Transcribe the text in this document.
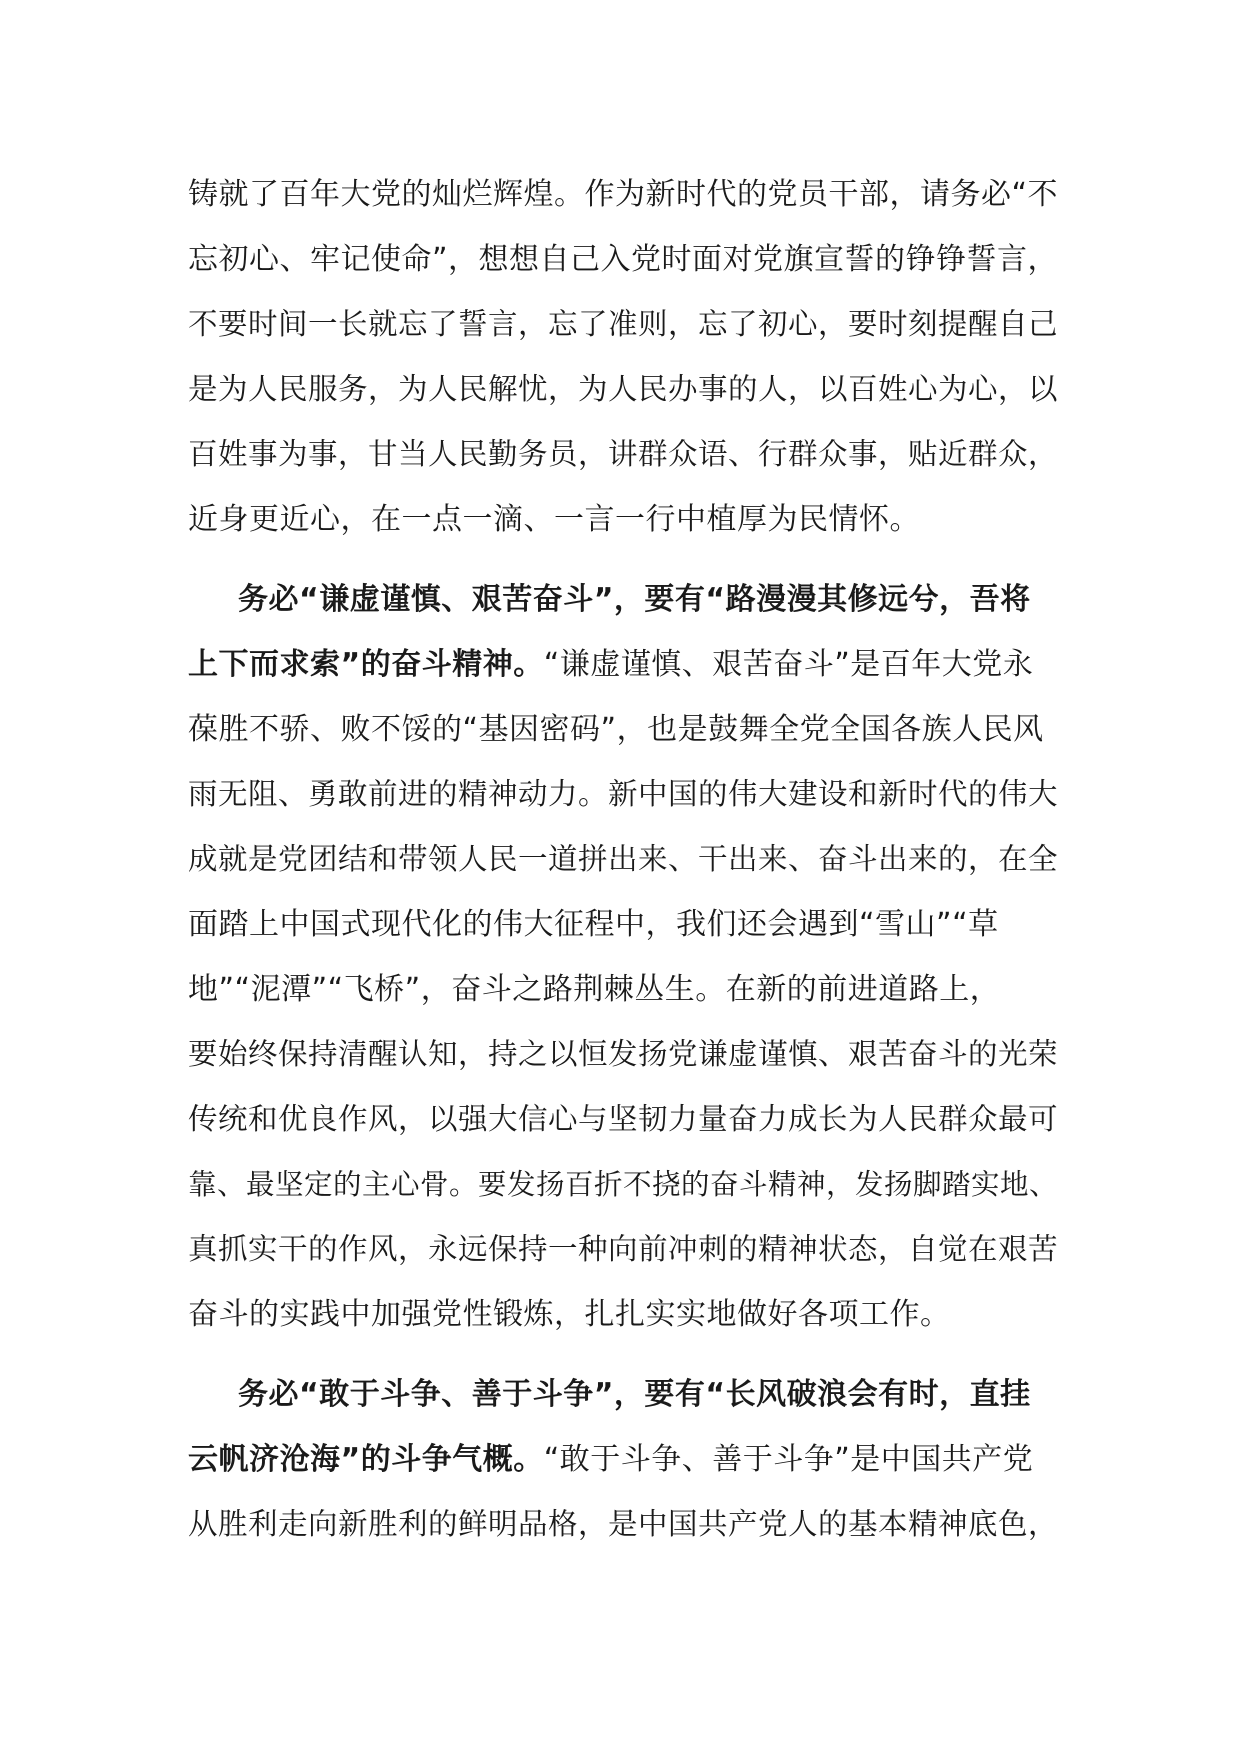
铸就了百年大党的灿烂辉煌。作为新时代的党员干部，请务必“不
忘初心、牢记使命”，想想自己入党时面对党旗宣誓的铮铮誓言，
不要时间一长就忘了誓言，忘了准则，忘了初心，要时刻提醒自己
是为人民服务，为人民解忧，为人民办事的人，以百姓心为心，以
百姓事为事，甘当人民勤务员，讲群众语、行群众事，贴近群众，
近身更近心，在一点一滴、一言一行中植厚为民情怀。
务必“谦虚谨慎、艰苦奋斗”，要有“路漫漫其修远兮，吾将
上下而求索”的奋斗精神。“谦虚谨慎、艰苦奋斗”是百年大党永
葆胜不骄、败不馁的“基因密码”，也是鼓舞全党全国各族人民风
雨无阻、勇敢前进的精神动力。新中国的伟大建设和新时代的伟大
成就是党团结和带领人民一道拼出来、干出来、奋斗出来的，在全
面踏上中国式现代化的伟大征程中，我们还会遇到“雪山”“草
地”“泥潭”“飞桥”，奋斗之路荆棘丛生。在新的前进道路上，
要始终保持清醒认知，持之以恒发扬党谦虚谨慎、艰苦奋斗的光荣
传统和优良作风，以强大信心与坚韧力量奋力成长为人民群众最可
靠、最坚定的主心骨。要发扬百折不挠的奋斗精神，发扬脚踏实地、
真抓实干的作风，永远保持一种向前冲刺的精神状态，自觉在艰苦
奋斗的实践中加强党性锻炼，扎扎实实地做好各项工作。
务必“敢于斗争、善于斗争”，要有“长风破浪会有时，直挂
云帆济沧海”的斗争气概。“敢于斗争、善于斗争”是中国共产党
从胜利走向新胜利的鲜明品格，是中国共产党人的基本精神底色，
